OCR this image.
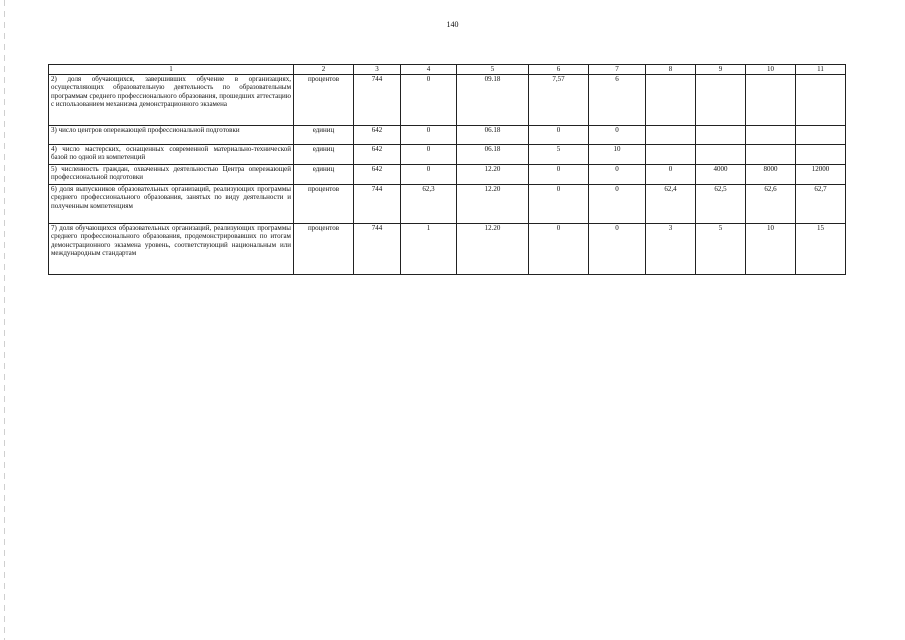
140
1	2	3	4	5	6	7	8	9	10	11
2) доля обучающихся, завершивших обучение в организациях, осуществляющих образовательную деятельность по образовательным программам среднего профессионального образования, прошедших аттестацию с использованием механизма демонстрационного экзамена	процентов	744	0	09.18	7,57	6				
3) число центров опережающей профессиональной подготовки	единиц	642	0	06.18	0	0				
4) число мастерских, оснащенных современной материально-технической базой по одной из компетенций	единиц	642	0	06.18	5	10				
5) численность граждан, охваченных деятельностью Центра опережающей профессиональной подготовки	единиц	642	0	12.20	0	0	0	4000	8000	12000
6) доля выпускников образовательных организаций, реализующих программы среднего профессионального образования, занятых по виду деятельности и полученным компетенциям	процентов	744	62,3	12.20	0	0	62,4	62,5	62,6	62,7
7) доля обучающихся образовательных организаций, реализующих программы среднего профессионального образования, продемонстрировавших по итогам демонстрационного экзамена уровень, соответствующий национальным или международным стандартам	процентов	744	1	12.20	0	0	3	5	10	15
